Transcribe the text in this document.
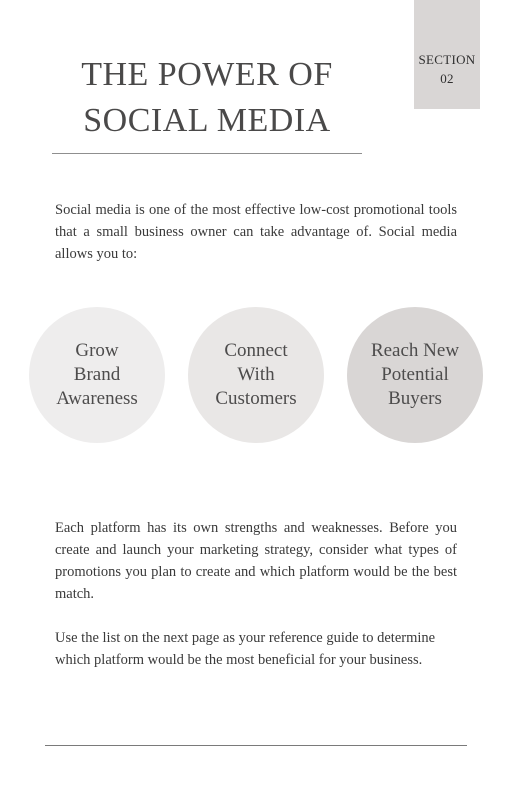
SECTION
02
THE POWER OF
SOCIAL MEDIA

Social media is one of the most effective low-cost promotional tools that a small business owner can take advantage of. Social media allows you to:

Grow
Brand
Awareness
Connect
With
Customers
Reach New
Potential
Buyers

Each platform has its own strengths and weaknesses. Before you create and launch your marketing strategy, consider what types of promotions you plan to create and which platform would be the best match.

Use the list on the next page as your reference guide to determine which platform would be the most beneficial for your business.
